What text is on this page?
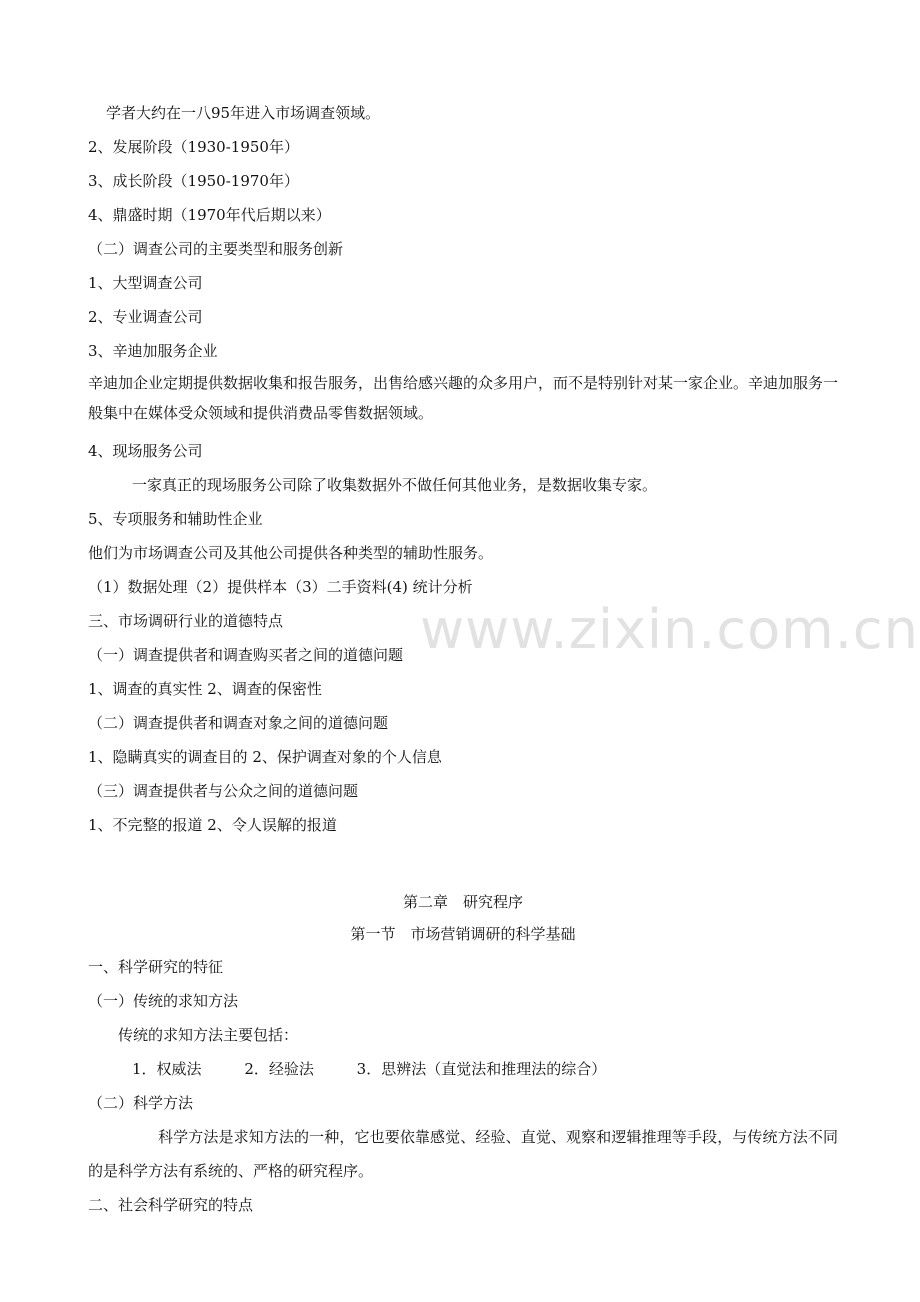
www.zixin.com.cn
学者大约在一八95年进入市场调查领域。
2、发展阶段（1930-1950年）
3、成长阶段（1950-1970年）
4、鼎盛时期（1970年代后期以来）
（二）调查公司的主要类型和服务创新
1、大型调查公司
2、专业调查公司
3、辛迪加服务企业
辛迪加企业定期提供数据收集和报告服务，出售给感兴趣的众多用户，而不是特别针对某一家企业。辛迪加服务一般集中在媒体受众领域和提供消费品零售数据领域。
4、现场服务公司
一家真正的现场服务公司除了收集数据外不做任何其他业务，是数据收集专家。
5、专项服务和辅助性企业
他们为市场调查公司及其他公司提供各种类型的辅助性服务。
（1）数据处理（2）提供样本（3）二手资料(4) 统计分析
三、市场调研行业的道德特点
（一）调查提供者和调查购买者之间的道德问题
1、调查的真实性 2、调查的保密性
（二）调查提供者和调查对象之间的道德问题
1、隐瞒真实的调查目的 2、保护调查对象的个人信息
（三）调查提供者与公众之间的道德问题
1、不完整的报道 2、令人误解的报道
第二章　研究程序
第一节　市场营销调研的科学基础
一、科学研究的特征
（一）传统的求知方法
传统的求知方法主要包括：
1．权威法	2．经验法	3．思辨法（直觉法和推理法的综合）
（二）科学方法
科学方法是求知方法的一种，它也要依靠感觉、经验、直觉、观察和逻辑推理等手段，与传统方法不同的是科学方法有系统的、严格的研究程序。
二、社会科学研究的特点
